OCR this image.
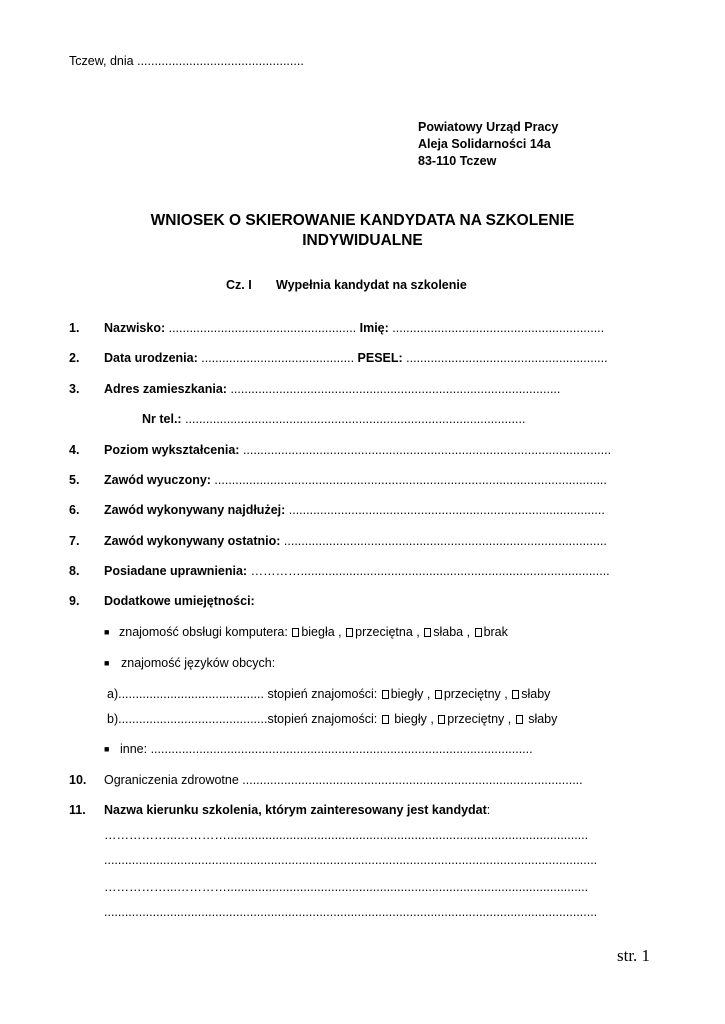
Tczew, dnia ................................................
Powiatowy Urząd Pracy
Aleja Solidarności 14a
83-110 Tczew
WNIOSEK O SKIEROWANIE KANDYDATA NA SZKOLENIE
INDYWIDUALNE
Cz. I Wypełnia kandydat na szkolenie
1. Nazwisko: ...................................................... Imię: .............................................................
2. Data urodzenia: ............................................ PESEL: ..........................................................
3. Adres zamieszkania: ...............................................................................................
Nr tel.: ..................................................................................................
4. Poziom wykształcenia: ..........................................................................................................
5. Zawód wyuczony: .................................................................................................................
6. Zawód wykonywany najdłużej: ...........................................................................................
7. Zawód wykonywany ostatnio: .............................................................................................
8. Posiadane uprawnienia: ………….........................................................................................
9. Dodatkowe umiejętności:
■ znajomość obsługi komputera: biegła , przeciętna , słaba , brak
■ znajomość języków obcych:
a).......................................... stopień znajomości: biegły , przeciętny , słaby
b)...........................................stopień znajomości: biegły , przeciętny , słaby
■ inne: ..............................................................................................................
10. Ograniczenia zdrowotne ..................................................................................................
11. Nazwa kierunku szkolenia, którym zainteresowany jest kandydat:
……………...…………........................................................................................................
..............................................................................................................................................
……………...…………........................................................................................................
..............................................................................................................................................
str. 1
